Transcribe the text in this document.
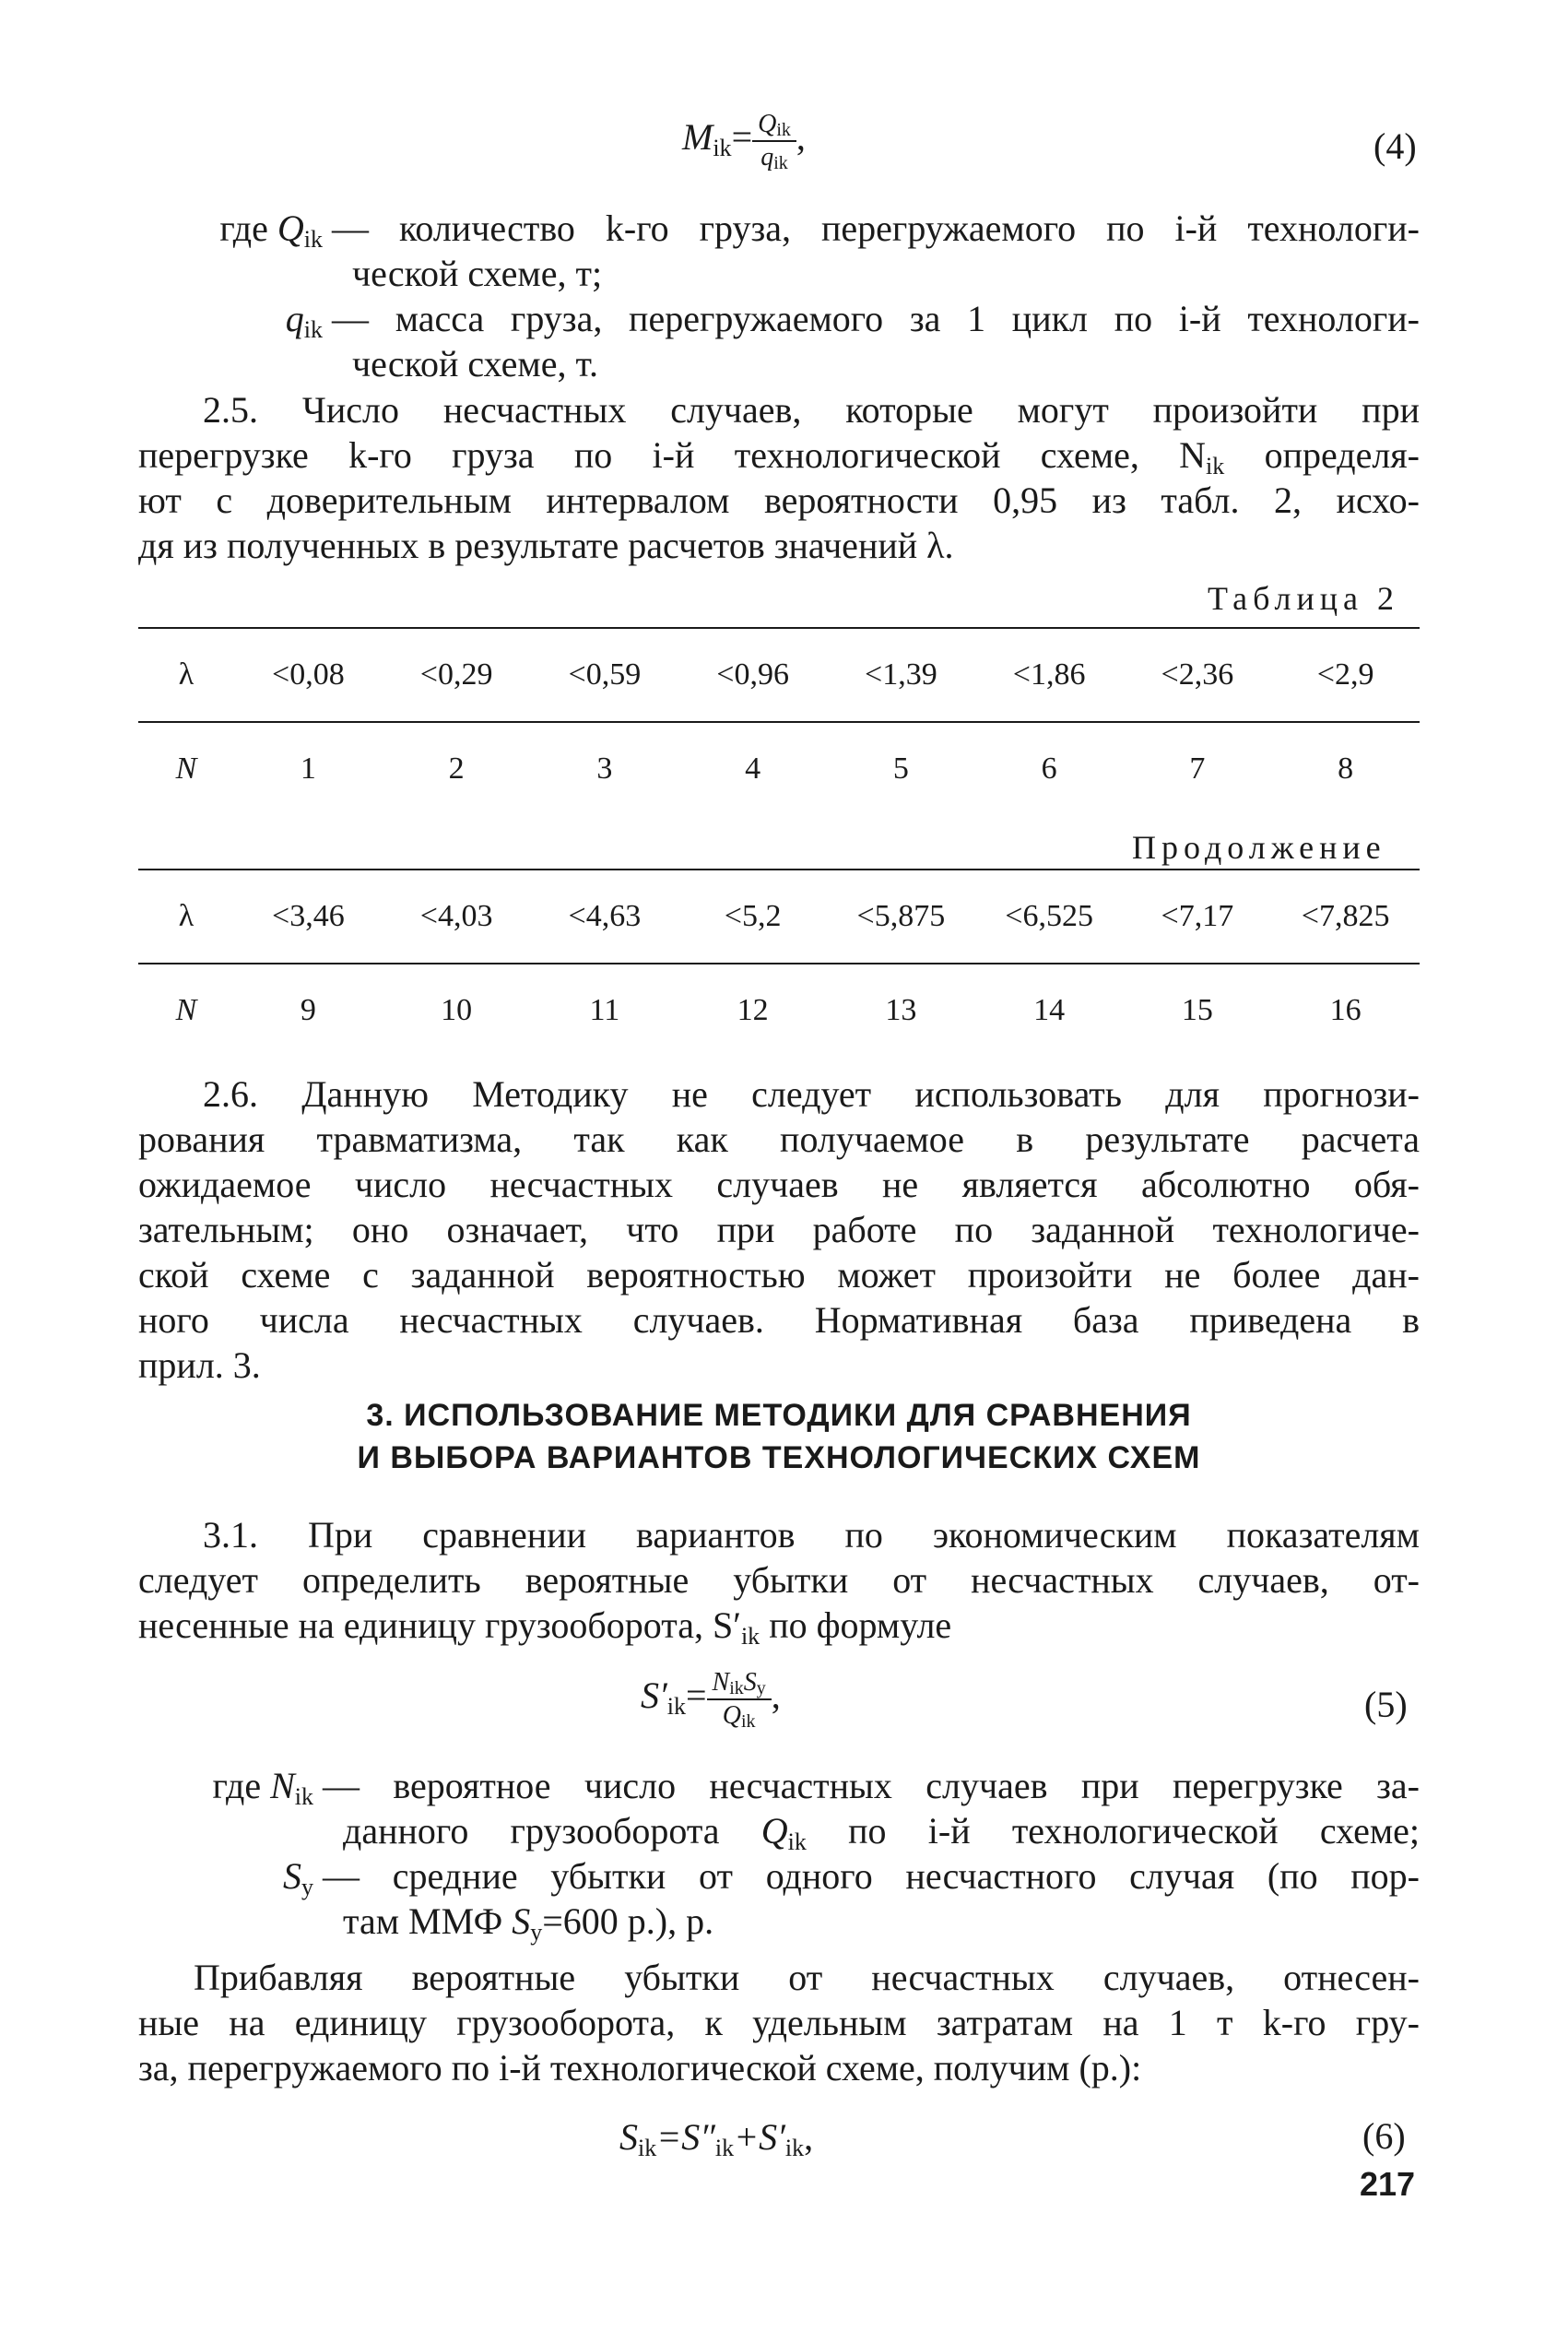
$M_{ik}= \frac{Q_{ik}}{q_{ik}}$ ,	(4)
где $Q_{ik}$ — количество k-го груза, перегружаемого по i-й технологи-
ческой схеме, т;
$q_{ik}$ — масса груза, перегружаемого за 1 цикл по i-й технологи-
ческой схеме, т.
2.5. Число несчастных случаев, которые могут произойти при
перегрузке k-го груза по i-й технологической схеме, $N_{ik}$ определя-
ют с доверительным интервалом вероятности 0,95 из табл. 2, исхо-
дя из полученных в результате расчетов значений λ.
Таблица 2
λ	<0,08	<0,29	<0,59	<0,96	<1,39	<1,86	<2,36	<2,9
N	1	2	3	4	5	6	7	8
Продолжение
λ	<3,46	<4,03	<4,63	<5,2	<5,875	<6,525	<7,17	<7,825
N	9	10	11	12	13	14	15	16
2.6. Данную Методику не следует использовать для прогнози-
рования травматизма, так как получаемое в результате расчета
ожидаемое число несчастных случаев не является абсолютно обя-
зательным; оно означает, что при работе по заданной технологиче-
ской схеме с заданной вероятностью может произойти не более дан-
ного числа несчастных случаев. Нормативная база приведена в
прил. 3.
3. ИСПОЛЬЗОВАНИЕ МЕТОДИКИ ДЛЯ СРАВНЕНИЯ
И ВЫБОРА ВАРИАНТОВ ТЕХНОЛОГИЧЕСКИХ СХЕМ
3.1. При сравнении вариантов по экономическим показателям
следует определить вероятные убытки от несчастных случаев, от-
несенные на единицу грузооборота, $S'_{ik}$ по формуле
$S'_{ik}= \frac{N_{ik}S_y}{Q_{ik}}$ ,	(5)
где $N_{ik}$ — вероятное число несчастных случаев при перегрузке за-
данного грузооборота $Q_{ik}$ по i-й технологической схеме;
$S_y$ — средние убытки от одного несчастного случая (по пор-
там ММФ $S_y=600$ р.), р.
Прибавляя вероятные убытки от несчастных случаев, отнесен-
ные на единицу грузооборота, к удельным затратам на 1 т k-го гру-
за, перегружаемого по i-й технологической схеме, получим (р.):
$S_{ik}=S''_{ik}+S'_{ik}$,	(6)
217
